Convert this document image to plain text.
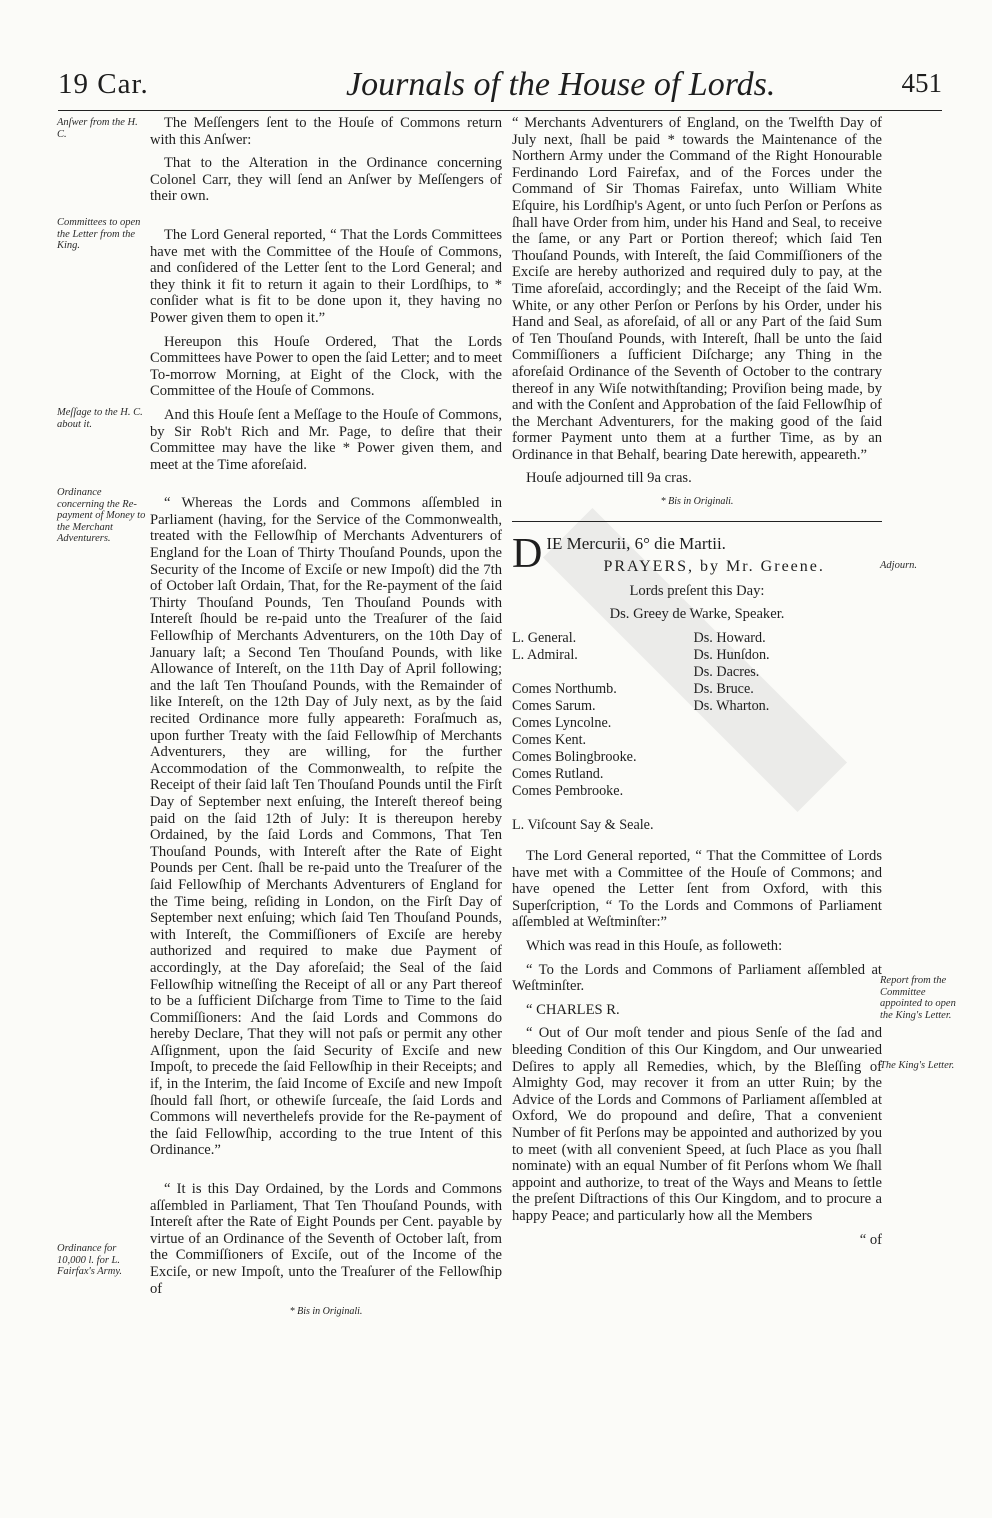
19 Car.	Journals of the House of Lords.	451
Anſwer from the H. C.
Committees to open the Letter from the King.
Meſſage to the H. C. about it.
Ordinance concerning the Re-payment of Money to the Merchant Adventurers.
Ordinance for 10,000 l. for L. Fairfax's Army.
Adjourn.
Report from the Committee appointed to open the King's Letter.
The King's Letter.

The Meſſengers ſent to the Houſe of Commons return with this Anſwer:

That to the Alteration in the Ordinance concerning Colonel Carr, they will ſend an Anſwer by Meſſengers of their own.

The Lord General reported, “ That the Lords Committees have met with the Committee of the Houſe of Commons, and conſidered of the Letter ſent to the Lord General; and they think it fit to return it again to their Lordſhips, to * conſider what is fit to be done upon it, they having no Power given them to open it.”

Hereupon this Houſe Ordered, That the Lords Committees have Power to open the ſaid Letter; and to meet To-morrow Morning, at Eight of the Clock, with the Committee of the Houſe of Commons.

And this Houſe ſent a Meſſage to the Houſe of Commons, by Sir Rob't Rich and Mr. Page, to deſire that their Committee may have the like * Power given them, and meet at the Time aforeſaid.

“ Whereas the Lords and Commons aſſembled in Parliament (having, for the Service of the Commonwealth, treated with the Fellowſhip of Merchants Adventurers of England for the Loan of Thirty Thouſand Pounds, upon the Security of the Income of Exciſe or new Impoſt) did the 7th of October laſt Ordain, That, for the Re-payment of the ſaid Thirty Thouſand Pounds, Ten Thouſand Pounds with Intereſt ſhould be re-paid unto the Treaſurer of the ſaid Fellowſhip of Merchants Adventurers, on the 10th Day of January laſt; a Second Ten Thouſand Pounds, with like Allowance of Intereſt, on the 11th Day of April following; and the laſt Ten Thouſand Pounds, with the Remainder of like Intereſt, on the 12th Day of July next, as by the ſaid recited Ordinance more fully appeareth: Foraſmuch as, upon further Treaty with the ſaid Fellowſhip of Merchants Adventurers, they are willing, for the further Accommodation of the Commonwealth, to reſpite the Receipt of their ſaid laſt Ten Thouſand Pounds until the Firſt Day of September next enſuing, the Intereſt thereof being paid on the ſaid 12th of July: It is thereupon hereby Ordained, by the ſaid Lords and Commons, That Ten Thouſand Pounds, with Intereſt after the Rate of Eight Pounds per Cent. ſhall be re-paid unto the Treaſurer of the ſaid Fellowſhip of Merchants Adventurers of England for the Time being, reſiding in London, on the Firſt Day of September next enſuing; which ſaid Ten Thouſand Pounds, with Intereſt, the Commiſſioners of Exciſe are hereby authorized and required to make due Payment of accordingly, at the Day aforeſaid; the Seal of the ſaid Fellowſhip witneſſing the Receipt of all or any Part thereof to be a ſufficient Diſcharge from Time to Time to the ſaid Commiſſioners: And the ſaid Lords and Commons do hereby Declare, That they will not paſs or permit any other Aſſignment, upon the ſaid Security of Exciſe and new Impoſt, to precede the ſaid Fellowſhip in their Receipts; and if, in the Interim, the ſaid Income of Exciſe and new Impoſt ſhould fall ſhort, or othewiſe ſurceaſe, the ſaid Lords and Commons will neverthelefs provide for the Re-payment of the ſaid Fellowſhip, according to the true Intent of this Ordinance.”

“ It is this Day Ordained, by the Lords and Commons aſſembled in Parliament, That Ten Thouſand Pounds, with Intereſt after the Rate of Eight Pounds per Cent. payable by virtue of an Ordinance of the Seventh of October laſt, from the Commiſſioners of Exciſe, out of the Income of the Exciſe, or new Impoſt, unto the Treaſurer of the Fellowſhip of

* Bis in Originali.

“ Merchants Adventurers of England, on the Twelfth Day of July next, ſhall be paid * towards the Maintenance of the Northern Army under the Command of the Right Honourable Ferdinando Lord Fairefax, and of the Forces under the Command of Sir Thomas Fairefax, unto William White Eſquire, his Lordſhip's Agent, or unto ſuch Perſon or Perſons as ſhall have Order from him, under his Hand and Seal, to receive the ſame, or any Part or Portion thereof; which ſaid Ten Thouſand Pounds, with Intereſt, the ſaid Commiſſioners of the Exciſe are hereby authorized and required duly to pay, at the Time aforeſaid, accordingly; and the Receipt of the ſaid Wm. White, or any other Perſon or Perſons by his Order, under his Hand and Seal, as aforeſaid, of all or any Part of the ſaid Sum of Ten Thouſand Pounds, with Intereſt, ſhall be unto the ſaid Commiſſioners a ſufficient Diſcharge; any Thing in the aforeſaid Ordinance of the Seventh of October to the contrary thereof in any Wiſe notwithſtanding; Proviſion being made, by and with the Conſent and Approbation of the ſaid Fellowſhip of the Merchant Adventurers, for the making good of the ſaid former Payment unto them at a further Time, as by an Ordinance in that Behalf, bearing Date herewith, appeareth.”

Houſe adjourned till 9a cras.

* Bis in Originali.

D IE Mercurii, 6° die Martii.

PRAYERS, by Mr. Greene.

Lords preſent this Day:

Ds. Greey de Warke, Speaker.

L. General.
L. Admiral.

Comes Northumb.
Comes Sarum.
Comes Lyncolne.
Comes Kent.
Comes Bolingbrooke.
Comes Rutland.
Comes Pembrooke.

L. Viſcount Say & Seale.
Ds. Howard.
Ds. Hunſdon.
Ds. Dacres.
Ds. Bruce.
Ds. Wharton.

The Lord General reported, “ That the Committee of Lords have met with a Committee of the Houſe of Commons; and have opened the Letter ſent from Oxford, with this Superſcription, “ To the Lords and Commons of Parliament aſſembled at Weſtminſter:”

Which was read in this Houſe, as followeth:

“ To the Lords and Commons of Parliament aſſembled at Weſtminſter.

“ CHARLES R.

“ Out of Our moſt tender and pious Senſe of the ſad and bleeding Condition of this Our Kingdom, and Our unwearied Deſires to apply all Remedies, which, by the Bleſſing of Almighty God, may recover it from an utter Ruin; by the Advice of the Lords and Commons of Parliament aſſembled at Oxford, We do propound and deſire, That a convenient Number of fit Perſons may be appointed and authorized by you to meet (with all convenient Speed, at ſuch Place as you ſhall nominate) with an equal Number of fit Perſons whom We ſhall appoint and authorize, to treat of the Ways and Means to ſettle the preſent Diſtractions of this Our Kingdom, and to procure a happy Peace; and particularly how all the Members

“ of
